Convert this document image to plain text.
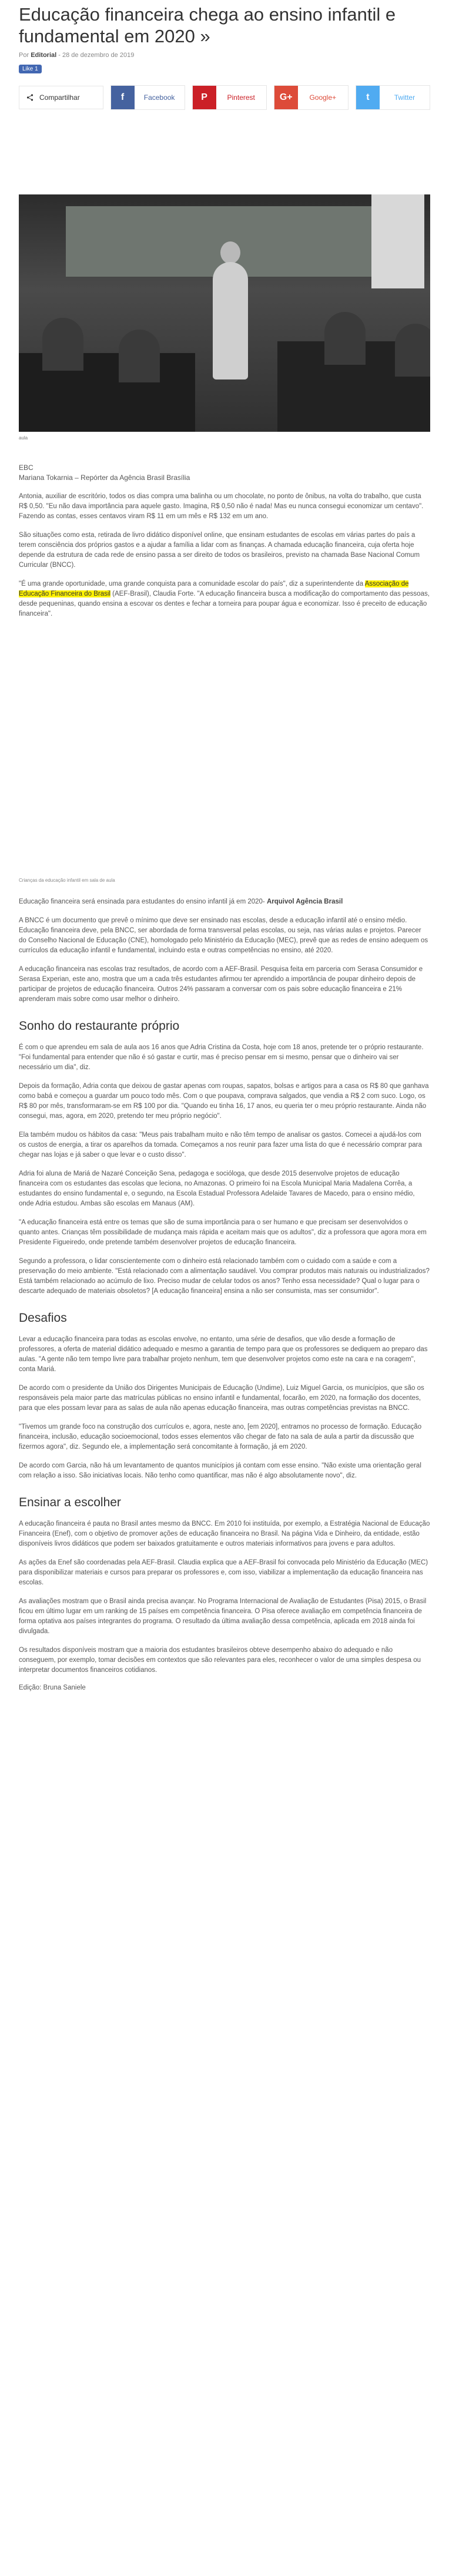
Educação financeira chega ao ensino infantil e fundamental em 2020 »
Por Editorial - 28 de dezembro de 2019
Like 1
Compartilhar	f	Facebook	P	Pinterest	G+	Google+	t	Twitter
aula
EBC
Mariana Tokarnia – Repórter da Agência Brasil Brasília

Antonia, auxiliar de escritório, todos os dias compra uma balinha ou um chocolate, no ponto de ônibus, na volta do trabalho, que custa R$ 0,50. "Eu não dava importância para aquele gasto. Imagina, R$ 0,50 não é nada! Mas eu nunca consegui economizar um centavo". Fazendo as contas, esses centavos viram R$ 11 em um mês e R$ 132 em um ano.

São situações como esta, retirada de livro didático disponível online, que ensinam estudantes de escolas em várias partes do país a terem consciência dos próprios gastos e a ajudar a família a lidar com as finanças. A chamada educação financeira, cuja oferta hoje depende da estrutura de cada rede de ensino passa a ser direito de todos os brasileiros, previsto na chamada Base Nacional Comum Curricular (BNCC).

"É uma grande oportunidade, uma grande conquista para a comunidade escolar do país", diz a superintendente da Associação de Educação Financeira do Brasil (AEF-Brasil), Claudia Forte. "A educação financeira busca a modificação do comportamento das pessoas, desde pequeninas, quando ensina a escovar os dentes e fechar a torneira para poupar água e economizar. Isso é preceito de educação financeira".

Crianças da educação infantil em sala de aula

Educação financeira será ensinada para estudantes do ensino infantil já em 2020- Arquivol Agência Brasil

A BNCC é um documento que prevê o mínimo que deve ser ensinado nas escolas, desde a educação infantil até o ensino médio. Educação financeira deve, pela BNCC, ser abordada de forma transversal pelas escolas, ou seja, nas várias aulas e projetos. Parecer do Conselho Nacional de Educação (CNE), homologado pelo Ministério da Educação (MEC), prevê que as redes de ensino adequem os currículos da educação infantil e fundamental, incluindo esta e outras competências no ensino, até 2020.

A educação financeira nas escolas traz resultados, de acordo com a AEF-Brasil. Pesquisa feita em parceria com Serasa Consumidor e Serasa Experian, este ano, mostra que um a cada três estudantes afirmou ter aprendido a importância de poupar dinheiro depois de participar de projetos de educação financeira. Outros 24% passaram a conversar com os pais sobre educação financeira e 21% aprenderam mais sobre como usar melhor o dinheiro.

Sonho do restaurante próprio

É com o que aprendeu em sala de aula aos 16 anos que Adria Cristina da Costa, hoje com 18 anos, pretende ter o próprio restaurante. "Foi fundamental para entender que não é só gastar e curtir, mas é preciso pensar em si mesmo, pensar que o dinheiro vai ser necessário um dia", diz.

Depois da formação, Adria conta que deixou de gastar apenas com roupas, sapatos, bolsas e artigos para a casa os R$ 80 que ganhava como babá e começou a guardar um pouco todo mês. Com o que poupava, comprava salgados, que vendia a R$ 2 com suco. Logo, os R$ 80 por mês, transformaram-se em R$ 100 por dia. "Quando eu tinha 16, 17 anos, eu queria ter o meu próprio restaurante. Ainda não consegui, mas, agora, em 2020, pretendo ter meu próprio negócio".

Ela também mudou os hábitos da casa: "Meus pais trabalham muito e não têm tempo de analisar os gastos. Comecei a ajudá-los com os custos de energia, a tirar os aparelhos da tomada. Começamos a nos reunir para fazer uma lista do que é necessário comprar para chegar nas lojas e já saber o que levar e o custo disso".

Adria foi aluna de Mariá de Nazaré Conceição Sena, pedagoga e socióloga, que desde 2015 desenvolve projetos de educação financeira com os estudantes das escolas que leciona, no Amazonas. O primeiro foi na Escola Municipal Maria Madalena Corrêa, a estudantes do ensino fundamental e, o segundo, na Escola Estadual Professora Adelaide Tavares de Macedo, para o ensino médio, onde Adria estudou. Ambas são escolas em Manaus (AM).

"A educação financeira está entre os temas que são de suma importância para o ser humano e que precisam ser desenvolvidos o quanto antes. Crianças têm possibilidade de mudança mais rápida e aceitam mais que os adultos", diz a professora que agora mora em Presidente Figueiredo, onde pretende também desenvolver projetos de educação financeira.

Segundo a professora, o lidar conscientemente com o dinheiro está relacionado também com o cuidado com a saúde e com a preservação do meio ambiente. "Está relacionado com a alimentação saudável. Vou comprar produtos mais naturais ou industrializados? Está também relacionado ao acúmulo de lixo. Preciso mudar de celular todos os anos? Tenho essa necessidade? Qual o lugar para o descarte adequado de materiais obsoletos? [A educação financeira] ensina a não ser consumista, mas ser consumidor".

Desafios

Levar a educação financeira para todas as escolas envolve, no entanto, uma série de desafios, que vão desde a formação de professores, a oferta de material didático adequado e mesmo a garantia de tempo para que os professores se dediquem ao preparo das aulas. "A gente não tem tempo livre para trabalhar projeto nenhum, tem que desenvolver projetos como este na cara e na coragem", conta Mariá.

De acordo com o presidente da União dos Dirigentes Municipais de Educação (Undime), Luiz Miguel Garcia, os municípios, que são os responsáveis pela maior parte das matrículas públicas no ensino infantil e fundamental, focarão, em 2020, na formação dos docentes, para que eles possam levar para as salas de aula não apenas educação financeira, mas outras competências previstas na BNCC.

"Tivemos um grande foco na construção dos currículos e, agora, neste ano, [em 2020], entramos no processo de formação. Educação financeira, inclusão, educação socioemocional, todos esses elementos vão chegar de fato na sala de aula a partir da discussão que fizermos agora", diz. Segundo ele, a implementação será concomitante à formação, já em 2020.

De acordo com Garcia, não há um levantamento de quantos municípios já contam com esse ensino. "Não existe uma orientação geral com relação a isso. São iniciativas locais. Não tenho como quantificar, mas não é algo absolutamente novo", diz.

Ensinar a escolher

A educação financeira é pauta no Brasil antes mesmo da BNCC. Em 2010 foi instituída, por exemplo, a Estratégia Nacional de Educação Financeira (Enef), com o objetivo de promover ações de educação financeira no Brasil. Na página Vida e Dinheiro, da entidade, estão disponíveis livros didáticos que podem ser baixados gratuitamente e outros materiais informativos para jovens e para adultos.

As ações da Enef são coordenadas pela AEF-Brasil. Claudia explica que a AEF-Brasil foi convocada pelo Ministério da Educação (MEC) para disponibilizar materiais e cursos para preparar os professores e, com isso, viabilizar a implementação da educação financeira nas escolas.

As avaliações mostram que o Brasil ainda precisa avançar. No Programa Internacional de Avaliação de Estudantes (Pisa) 2015, o Brasil ficou em último lugar em um ranking de 15 países em competência financeira. O Pisa oferece avaliação em competência financeira de forma optativa aos países integrantes do programa. O resultado da última avaliação dessa competência, aplicada em 2018 ainda foi divulgada.

Os resultados disponíveis mostram que a maioria dos estudantes brasileiros obteve desempenho abaixo do adequado e não conseguem, por exemplo, tomar decisões em contextos que são relevantes para eles, reconhecer o valor de uma simples despesa ou interpretar documentos financeiros cotidianos.

Edição: Bruna Saniele
